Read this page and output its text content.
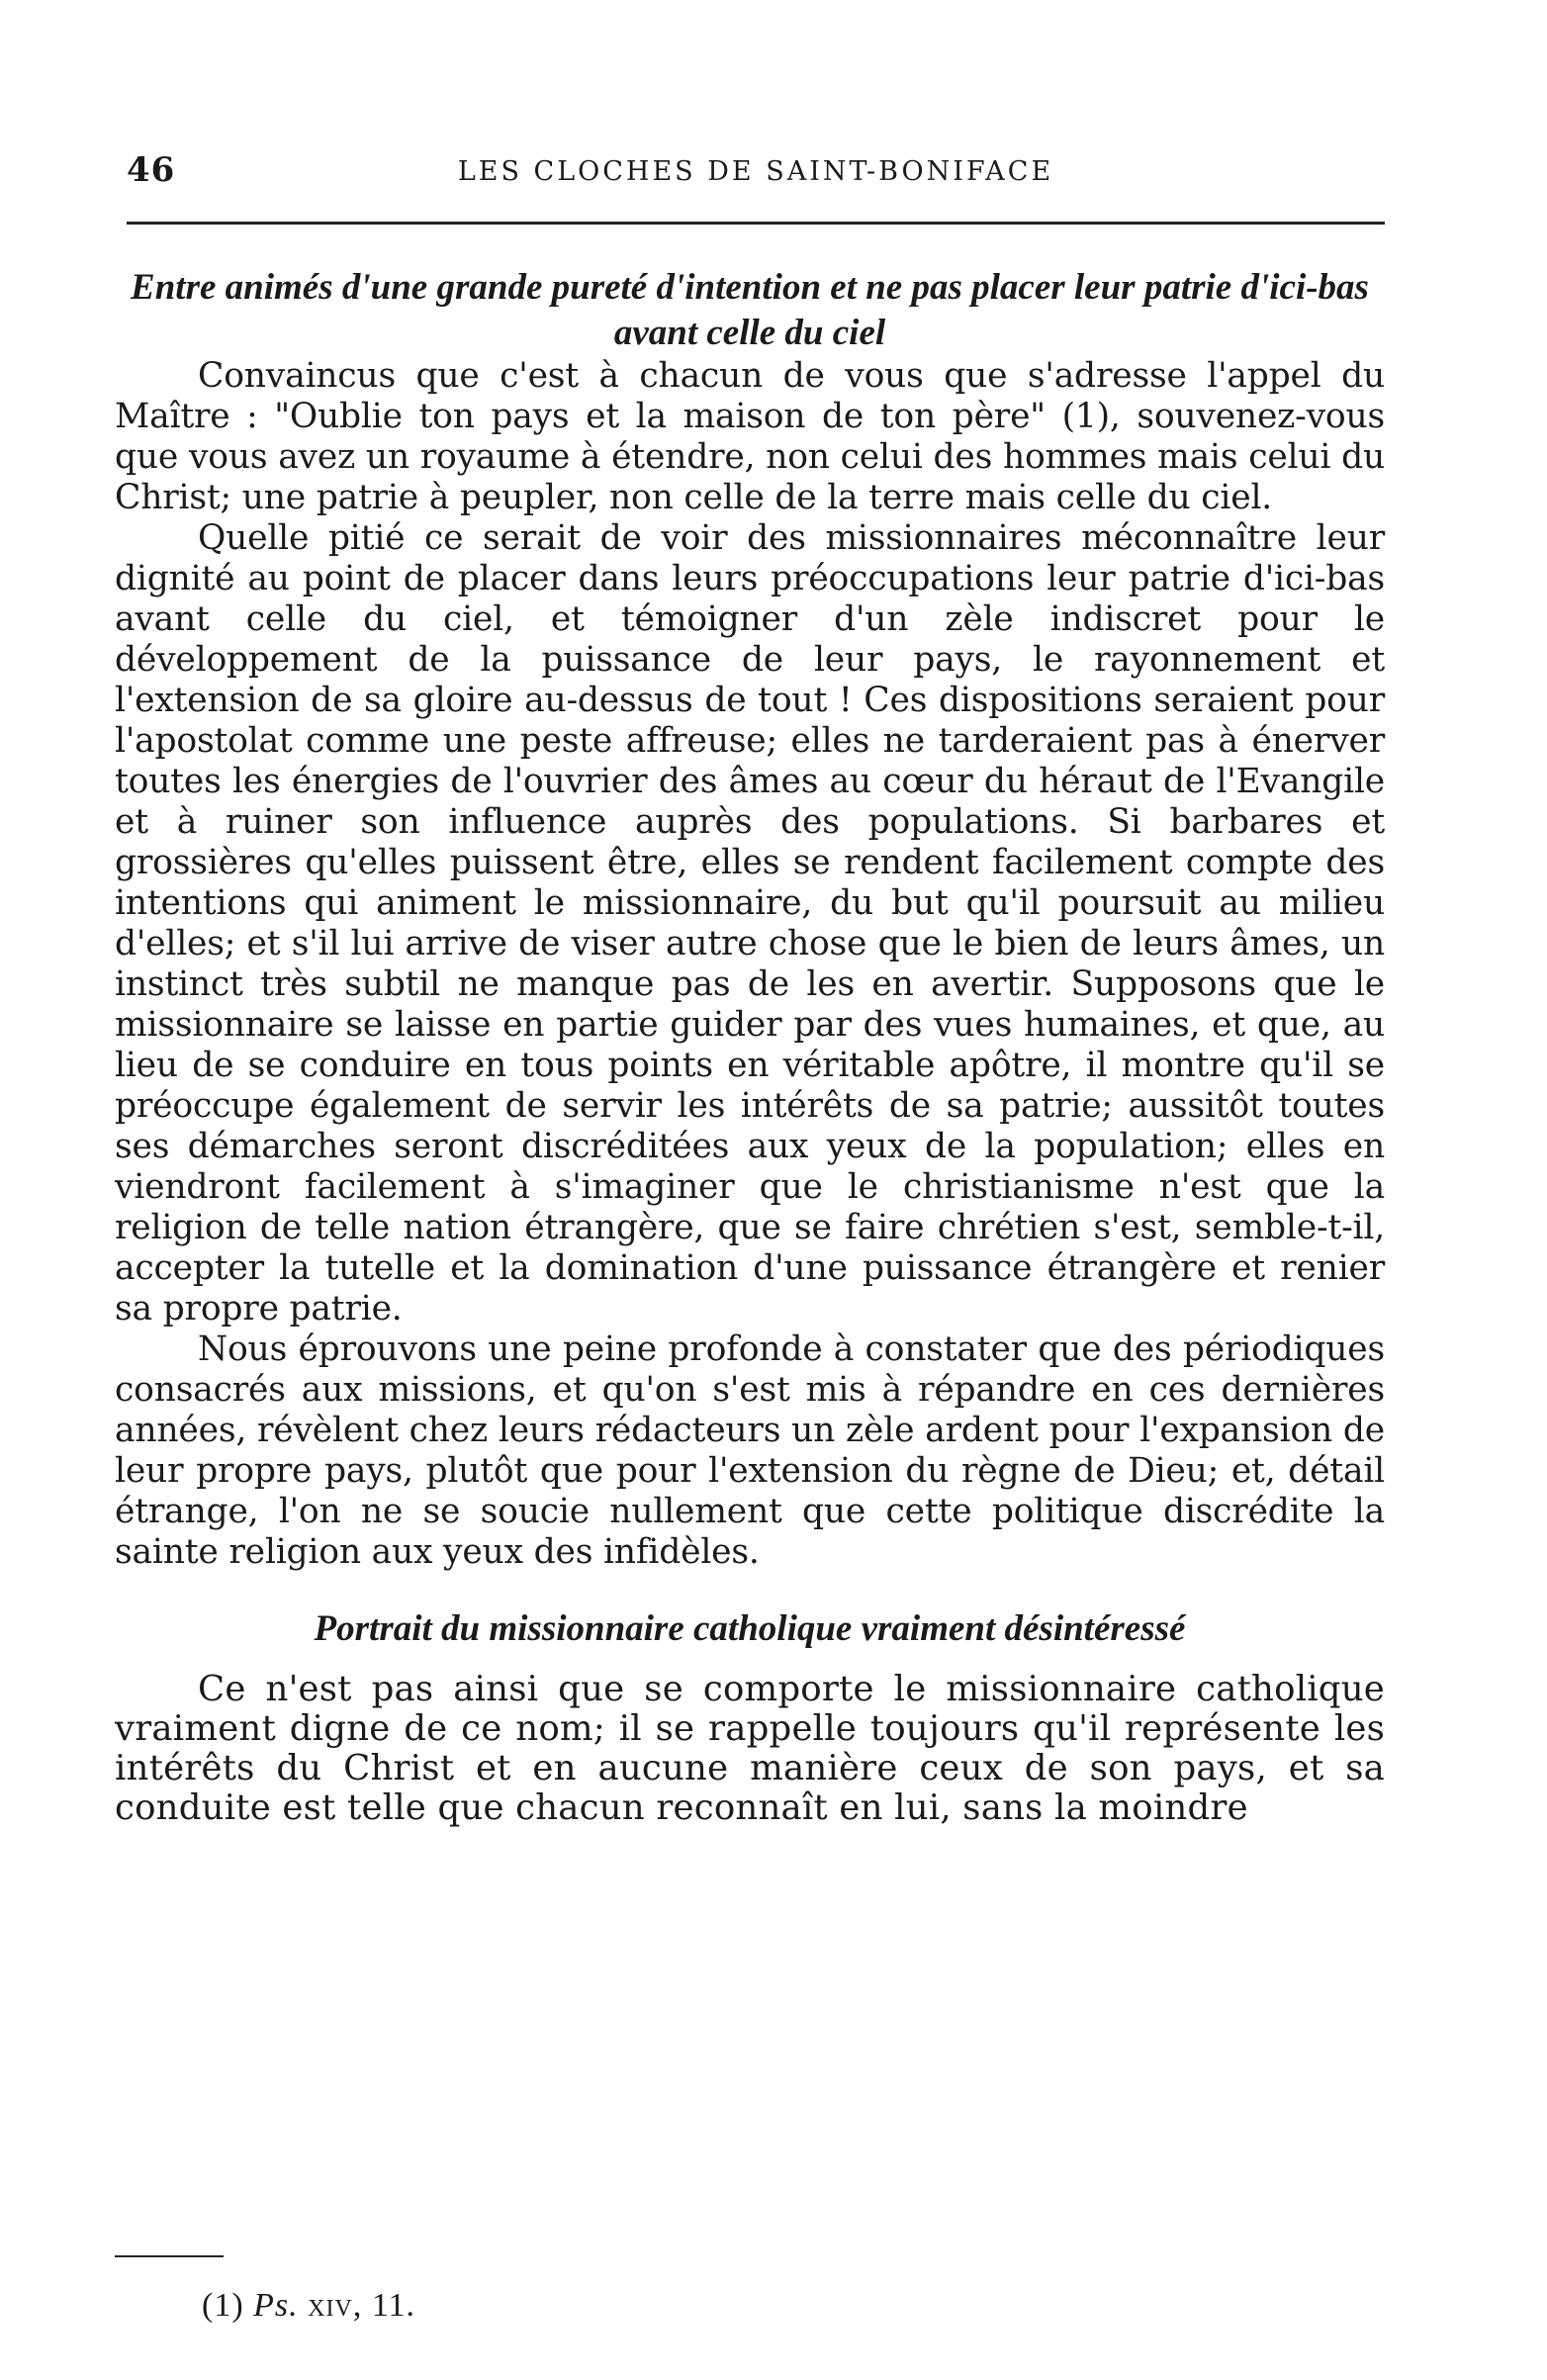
46	LES CLOCHES DE SAINT-BONIFACE
Entre animés d'une grande pureté d'intention et ne pas placer leur patrie d'ici-bas avant celle du ciel

Convaincus que c'est à chacun de vous que s'adresse l'appel du Maître : "Oublie ton pays et la maison de ton père" (1), souvenez-vous que vous avez un royaume à étendre, non celui des hommes mais celui du Christ; une patrie à peupler, non celle de la terre mais celle du ciel.

Quelle pitié ce serait de voir des missionnaires méconnaître leur dignité au point de placer dans leurs préoccupations leur patrie d'ici-bas avant celle du ciel, et témoigner d'un zèle indiscret pour le développement de la puissance de leur pays, le rayonnement et l'extension de sa gloire au-dessus de tout ! Ces dispositions seraient pour l'apostolat comme une peste affreuse; elles ne tarderaient pas à énerver toutes les énergies de l'ouvrier des âmes au cœur du héraut de l'Evangile et à ruiner son influence auprès des populations. Si barbares et grossières qu'elles puissent être, elles se rendent facilement compte des intentions qui animent le missionnaire, du but qu'il poursuit au milieu d'elles; et s'il lui arrive de viser autre chose que le bien de leurs âmes, un instinct très subtil ne manque pas de les en avertir. Supposons que le missionnaire se laisse en partie guider par des vues humaines, et que, au lieu de se conduire en tous points en véritable apôtre, il montre qu'il se préoccupe également de servir les intérêts de sa patrie; aussitôt toutes ses démarches seront discréditées aux yeux de la population; elles en viendront facilement à s'imaginer que le christianisme n'est que la religion de telle nation étrangère, que se faire chrétien s'est, semble-t-il, accepter la tutelle et la domination d'une puissance étrangère et renier sa propre patrie.

Nous éprouvons une peine profonde à constater que des périodiques consacrés aux missions, et qu'on s'est mis à répandre en ces dernières années, révèlent chez leurs rédacteurs un zèle ardent pour l'expansion de leur propre pays, plutôt que pour l'extension du règne de Dieu; et, détail étrange, l'on ne se soucie nullement que cette politique discrédite la sainte religion aux yeux des infidèles.

Portrait du missionnaire catholique vraiment désintéressé

Ce n'est pas ainsi que se comporte le missionnaire catholique vraiment digne de ce nom; il se rappelle toujours qu'il représente les intérêts du Christ et en aucune manière ceux de son pays, et sa conduite est telle que chacun reconnaît en lui, sans la moindre

(1) Ps. xiv, 11.
